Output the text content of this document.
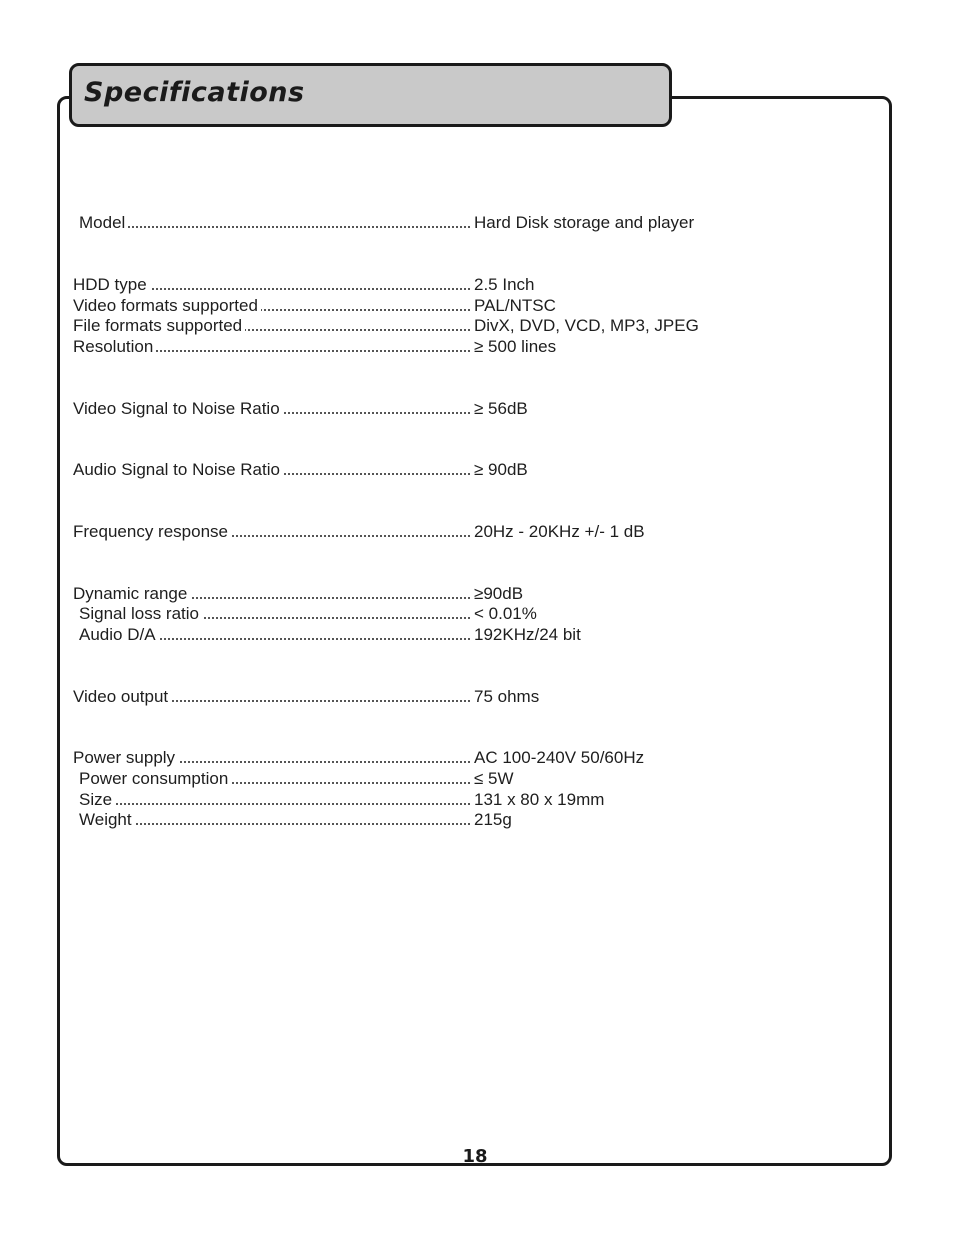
Specifications
Model	Hard Disk storage and player
HDD type	2.5 Inch
Video formats supported	PAL/NTSC
File formats supported	DivX, DVD, VCD, MP3, JPEG
Resolution	≥ 500 lines
Video Signal to Noise Ratio	≥ 56dB
Audio Signal to Noise Ratio	≥ 90dB
Frequency response	20Hz - 20KHz +/- 1 dB
Dynamic range	≥90dB
Signal loss ratio	< 0.01%
Audio D/A	192KHz/24 bit
Video output	75 ohms
Power supply	AC 100-240V 50/60Hz
Power consumption	≤ 5W
Size	131 x 80 x 19mm
Weight	215g
18
